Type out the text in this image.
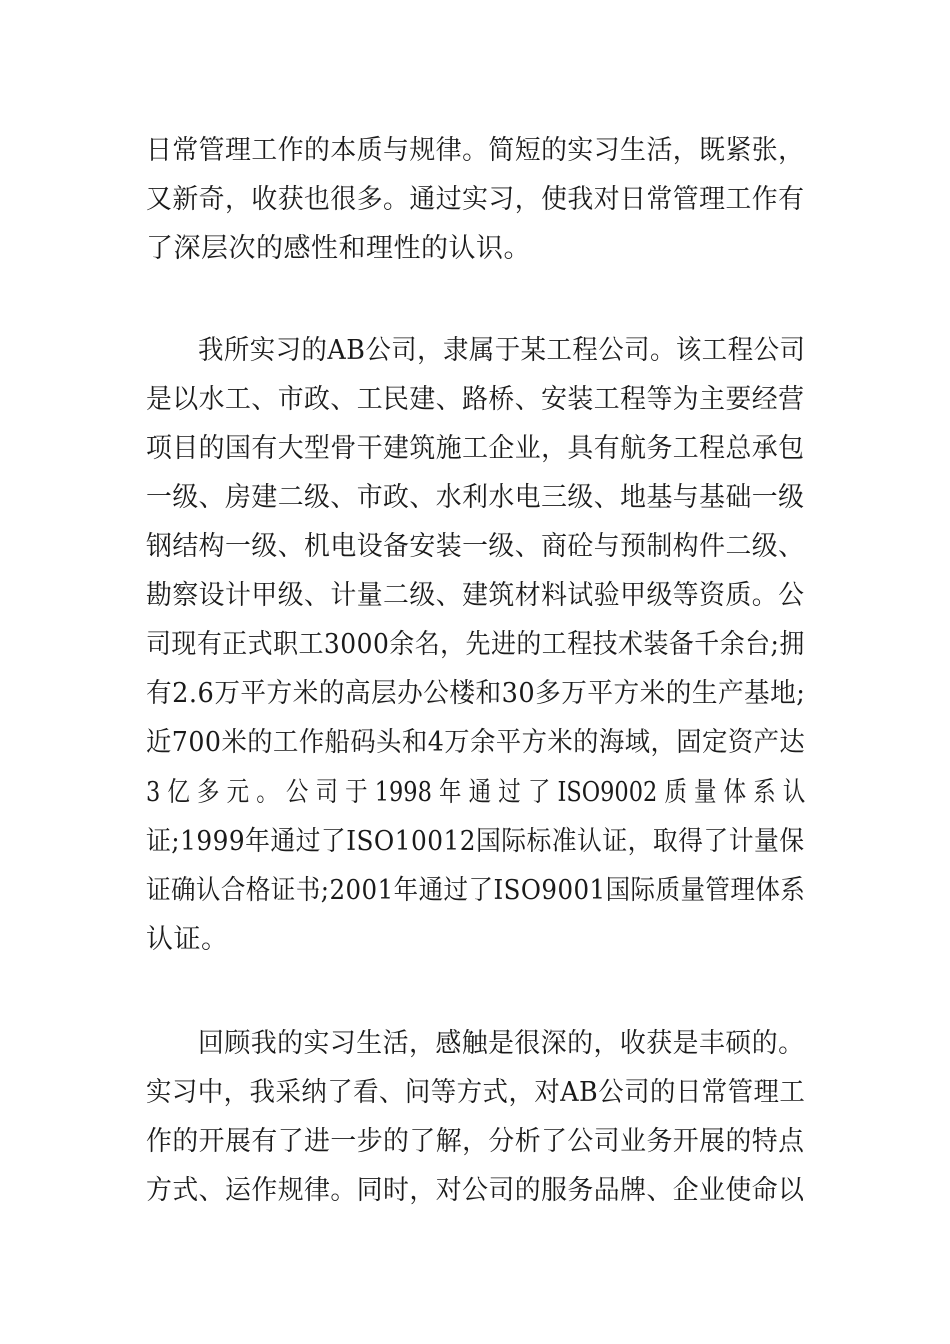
日常管理工作的本质与规律。简短的实习生活，既紧张，
又新奇，收获也很多。通过实习，使我对日常管理工作有
了深层次的感性和理性的认识。
我所实习的AB公司，隶属于某工程公司。该工程公司
是以水工、市政、工民建、路桥、安装工程等为主要经营
项目的国有大型骨干建筑施工企业，具有航务工程总承包
一级、房建二级、市政、水利水电三级、地基与基础一级
钢结构一级、机电设备安装一级、商砼与预制构件二级、
勘察设计甲级、计量二级、建筑材料试验甲级等资质。公
司现有正式职工3000余名，先进的工程技术装备千余台;拥
有2.6万平方米的高层办公楼和30多万平方米的生产基地;
近700米的工作船码头和4万余平方米的海域，固定资产达
3 亿 多 元 。 公 司 于 1998 年 通 过 了 ISO9002 质 量 体 系 认
证;1999年通过了ISO10012国际标准认证，取得了计量保
证确认合格证书;2001年通过了ISO9001国际质量管理体系
认证。
回顾我的实习生活，感触是很深的，收获是丰硕的。
实习中，我采纳了看、问等方式，对AB公司的日常管理工
作的开展有了进一步的了解，分析了公司业务开展的特点
方式、运作规律。同时，对公司的服务品牌、企业使命以
